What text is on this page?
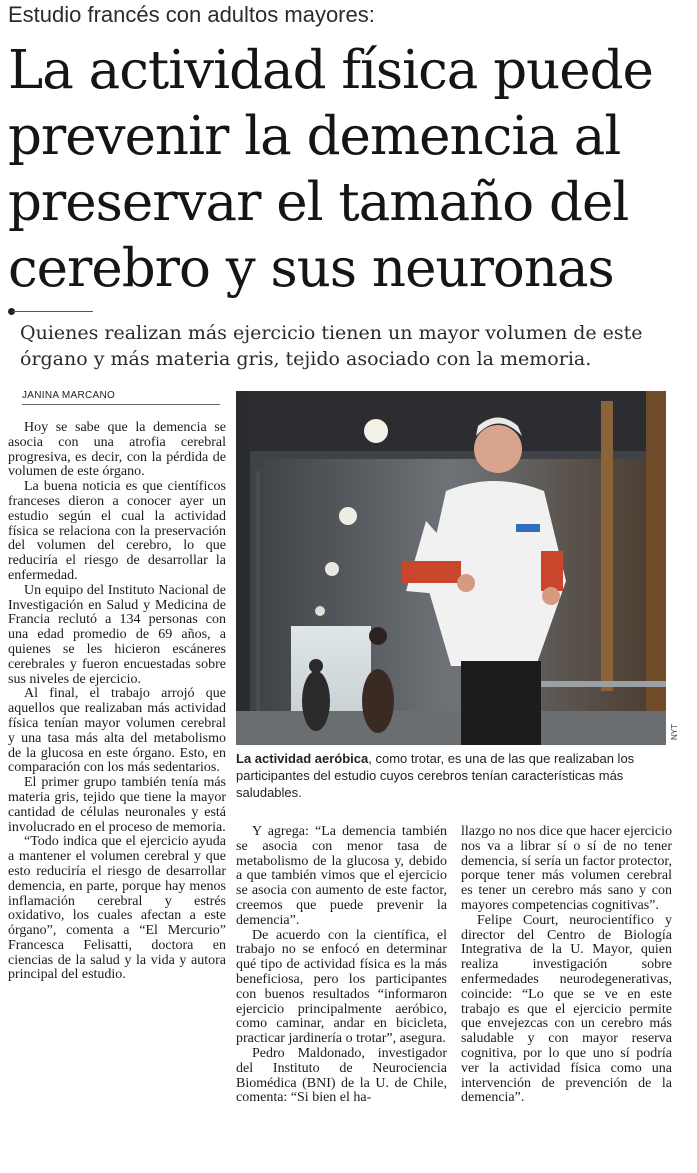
Estudio francés con adultos mayores:
La actividad física puede prevenir la demencia al preservar el tamaño del cerebro y sus neuronas

Quienes realizan más ejercicio tienen un mayor volumen de este órgano y más materia gris, tejido asociado con la memoria.

JANINA MARCANO

Hoy se sabe que la demencia se asocia con una atrofia cerebral progresiva, es decir, con la pérdida de volumen de este órgano.

La buena noticia es que científicos franceses dieron a conocer ayer un estudio según el cual la actividad física se relaciona con la preservación del volumen del cerebro, lo que reduciría el riesgo de desarrollar la enfermedad.

Un equipo del Instituto Nacional de Investigación en Salud y Medicina de Francia reclutó a 134 personas con una edad promedio de 69 años, a quienes se les hicieron escáneres cerebrales y fueron encuestadas sobre sus niveles de ejercicio.

Al final, el trabajo arrojó que aquellos que realizaban más actividad física tenían mayor volumen cerebral y una tasa más alta del metabolismo de la glucosa en este órgano. Esto, en comparación con los más sedentarios.

El primer grupo también tenía más materia gris, tejido que tiene la mayor cantidad de células neuronales y está involucrado en el proceso de memoria.

“Todo indica que el ejercicio ayuda a mantener el volumen cerebral y que esto reduciría el riesgo de desarrollar demencia, en parte, porque hay menos inflamación cerebral y estrés oxidativo, los cuales afectan a este órgano”, comenta a “El Mercurio” Francesca Felisatti, doctora en ciencias de la salud y la vida y autora principal del estudio.

NYT

La actividad aeróbica, como trotar, es una de las que realizaban los participantes del estudio cuyos cerebros tenían características más saludables.

Y agrega: “La demencia también se asocia con menor tasa de metabolismo de la glucosa y, debido a que también vimos que el ejercicio se asocia con aumento de este factor, creemos que puede prevenir la demencia”.

De acuerdo con la científica, el trabajo no se enfocó en determinar qué tipo de actividad física es la más beneficiosa, pero los participantes con buenos resultados “informaron ejercicio principalmente aeróbico, como caminar, andar en bicicleta, practicar jardinería o trotar”, asegura.

Pedro Maldonado, investigador del Instituto de Neurociencia Biomédica (BNI) de la U. de Chile, comenta: “Si bien el ha-

llazgo no nos dice que hacer ejercicio nos va a librar sí o sí de no tener demencia, sí sería un factor protector, porque tener más volumen cerebral es tener un cerebro más sano y con mayores competencias cognitivas”.

Felipe Court, neurocientífico y director del Centro de Biología Integrativa de la U. Mayor, quien realiza investigación sobre enfermedades neurodegenerativas, coincide: “Lo que se ve en este trabajo es que el ejercicio permite que envejezcas con un cerebro más saludable y con mayor reserva cognitiva, por lo que uno sí podría ver la actividad física como una intervención de prevención de la demencia”.
